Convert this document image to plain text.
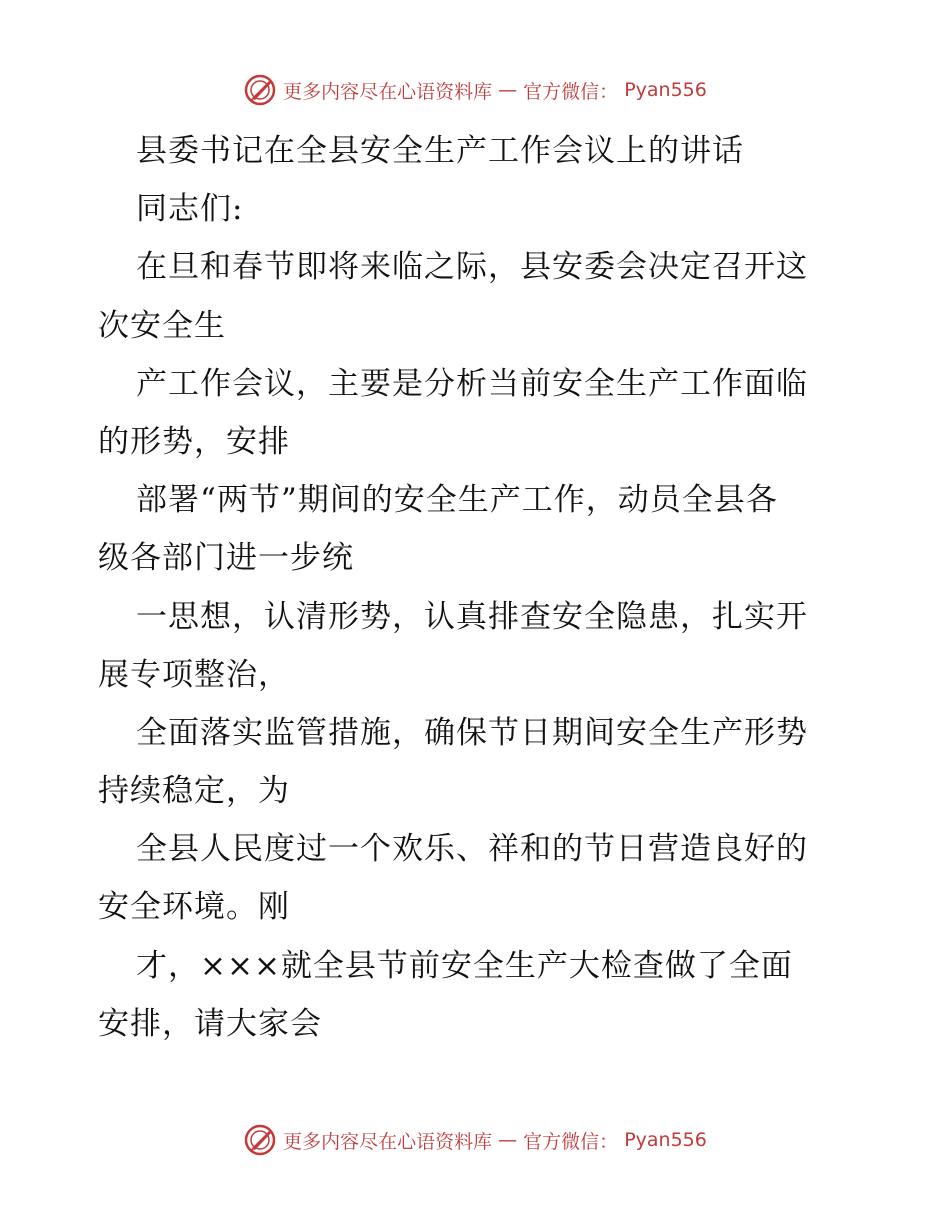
更多内容尽在心语资料库 — 官方微信： Pyan556
县委书记在全县安全生产工作会议上的讲话
同志们:
在旦和春节即将来临之际，县安委会决定召开这
次安全生
产工作会议，主要是分析当前安全生产工作面临
的形势，安排
部署“两节”期间的安全生产工作，动员全县各
级各部门进一步统
一思想，认清形势，认真排查安全隐患，扎实开
展专项整治，
全面落实监管措施，确保节日期间安全生产形势
持续稳定，为
全县人民度过一个欢乐、祥和的节日营造良好的
安全环境。刚
才，×××就全县节前安全生产大检查做了全面
安排，请大家会
更多内容尽在心语资料库 — 官方微信： Pyan556
